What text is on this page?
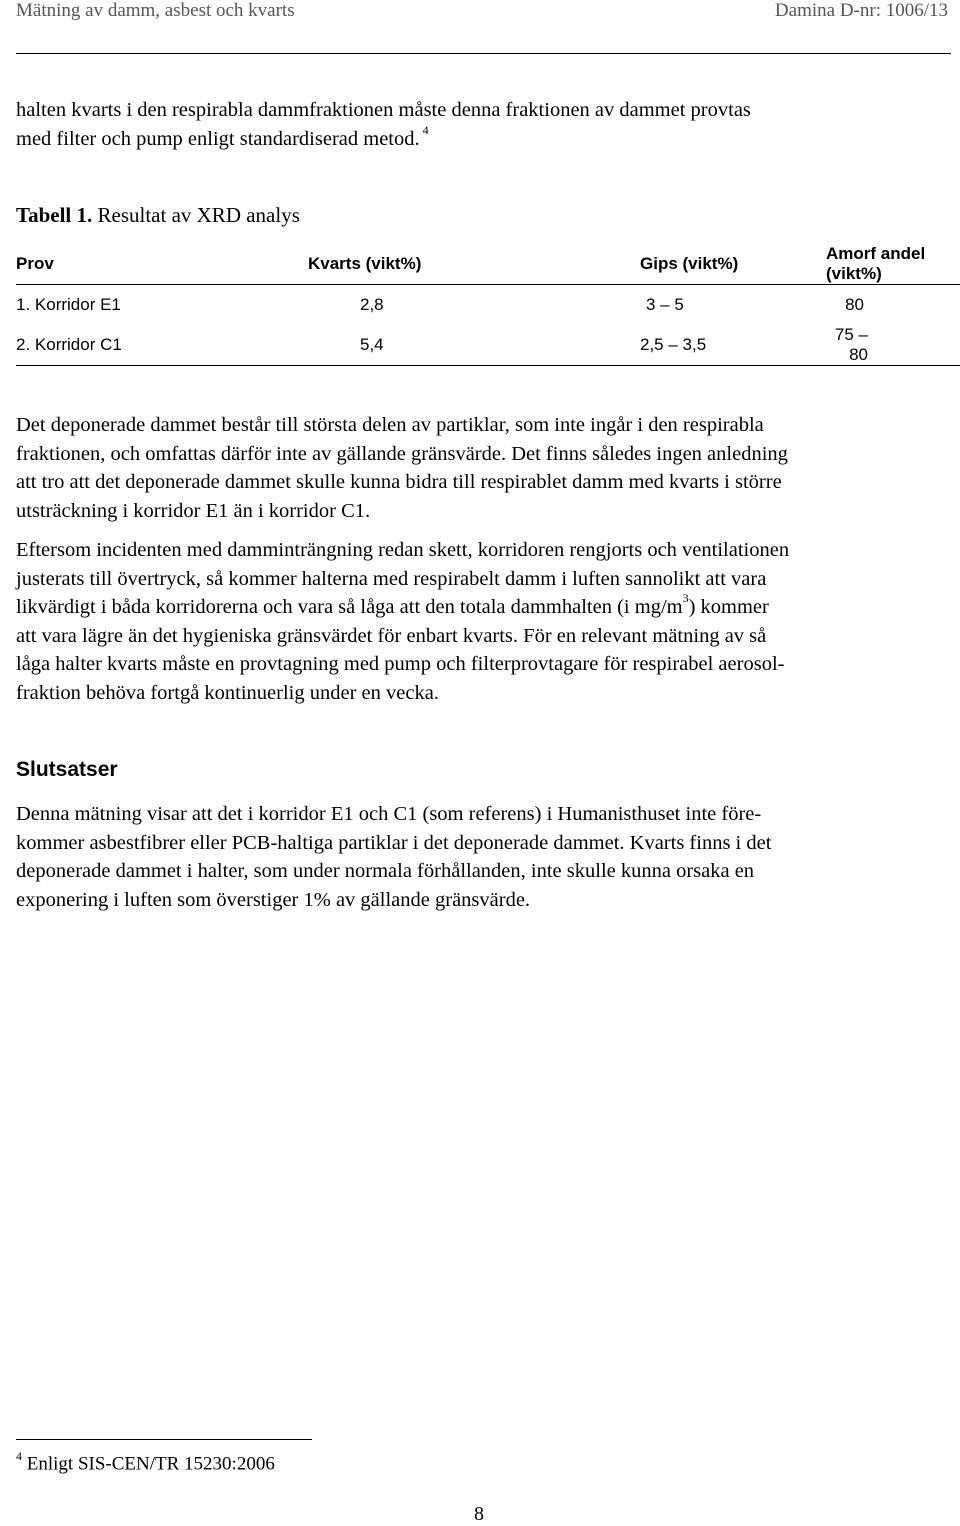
Mätning av damm, asbest och kvarts	Damina D-nr: 1006/13

halten kvarts i den respirabla dammfraktionen måste denna fraktionen av dammet provtas
med filter och pump enligt standardiserad metod. $^4$

Tabell 1. Resultat av XRD analys
Prov	Kvarts (vikt%)	Gips (vikt%)	Amorf andel (vikt%)
1. Korridor E1	2,8	3 – 5	80
2. Korridor C1	5,4	2,5 – 3,5	75 – 80

Det deponerade dammet består till största delen av partiklar, som inte ingår i den respirabla
fraktionen, och omfattas därför inte av gällande gränsvärde. Det finns således ingen anledning
att tro att det deponerade dammet skulle kunna bidra till respirablet damm med kvarts i större
utsträckning i korridor E1 än i korridor C1.

Eftersom incidenten med damminträngning redan skett, korridoren rengjorts och ventilationen
justerats till övertryck, så kommer halterna med respirabelt damm i luften sannolikt att vara
likvärdigt i båda korridorerna och vara så låga att den totala dammhalten (i $mg/m^3$) kommer
att vara lägre än det hygieniska gränsvärdet för enbart kvarts. För en relevant mätning av så
låga halter kvarts måste en provtagning med pump och filterprovtagare för respirabel aerosol-
fraktion behöva fortgå kontinuerlig under en vecka.

Slutsatser

Denna mätning visar att det i korridor E1 och C1 (som referens) i Humanisthuset inte före-
kommer asbestfibrer eller PCB-haltiga partiklar i det deponerade dammet. Kvarts finns i det
deponerade dammet i halter, som under normala förhållanden, inte skulle kunna orsaka en
exponering i luften som överstiger 1% av gällande gränsvärde.

$^4$ Enligt SIS-CEN/TR 15230:2006
8
